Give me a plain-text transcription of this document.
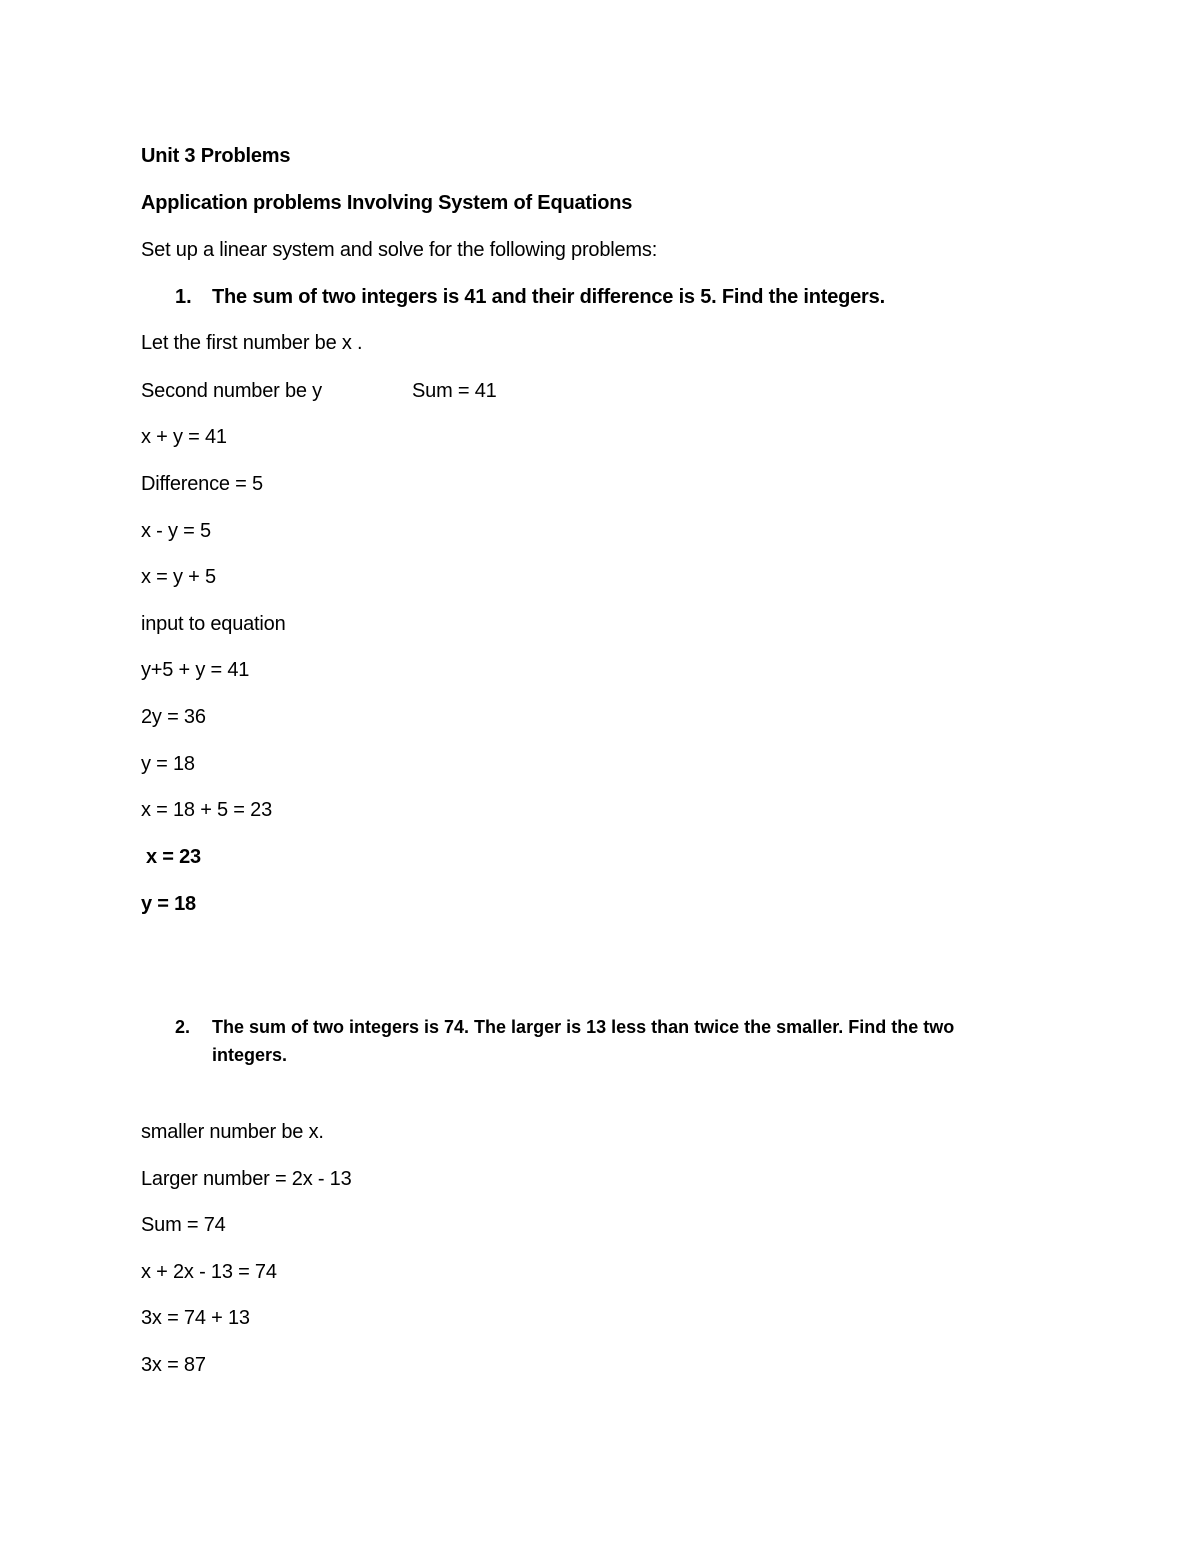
Unit 3 Problems
Application problems Involving System of Equations
Set up a linear system and solve for the following problems:
1. The sum of two integers is 41 and their difference is 5. Find the integers.
Let the first number be x .
Second number be y	Sum = 41
x + y = 41
Difference = 5
x - y = 5
x = y + 5
input to equation
y+5 + y = 41
2y = 36
y = 18
x = 18 + 5 = 23
x = 23
y = 18
2. The sum of two integers is 74. The larger is 13 less than twice the smaller. Find the two
integers.
smaller number be x.
Larger number = 2x - 13
Sum = 74
x + 2x - 13 = 74
3x = 74 + 13
3x = 87
